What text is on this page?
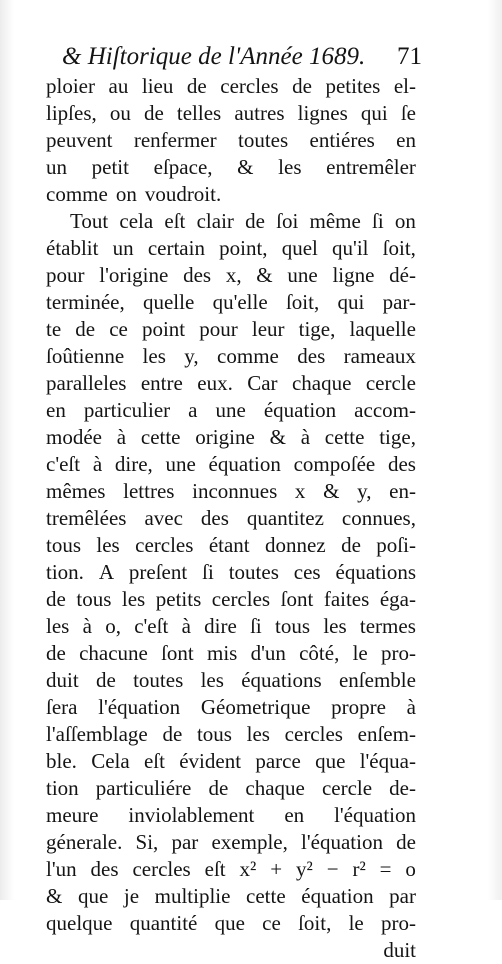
& Hiſtorique de l'Année 1689. 71
ploier au lieu de cercles de petites el-
lipſes, ou de telles autres lignes qui ſe
peuvent renfermer toutes entiéres en
un petit eſpace, & les entremêler
comme on voudroit.
Tout cela eſt clair de ſoi même ſi on
établit un certain point, quel qu'il ſoit,
pour l'origine des x, & une ligne dé-
terminée, quelle qu'elle ſoit, qui par-
te de ce point pour leur tige, laquelle
ſoûtienne les y, comme des rameaux
paralleles entre eux. Car chaque cercle
en particulier a une équation accom-
modée à cette origine & à cette tige,
c'eſt à dire, une équation compoſée des
mêmes lettres inconnues x & y, en-
tremêlées avec des quantitez connues,
tous les cercles étant donnez de poſi-
tion. A preſent ſi toutes ces équations
de tous les petits cercles ſont faites éga-
les à o, c'eſt à dire ſi tous les termes
de chacune ſont mis d'un côté, le pro-
duit de toutes les équations enſemble
ſera l'équation Géometrique propre à
l'aſſemblage de tous les cercles enſem-
ble. Cela eſt évident parce que l'équa-
tion particuliére de chaque cercle de-
meure inviolablement en l'équation
génerale. Si, par exemple, l'équation de
l'un des cercles eſt x² + y² − r² = o
& que je multiplie cette équation par
quelque quantité que ce ſoit, le pro-
duit
